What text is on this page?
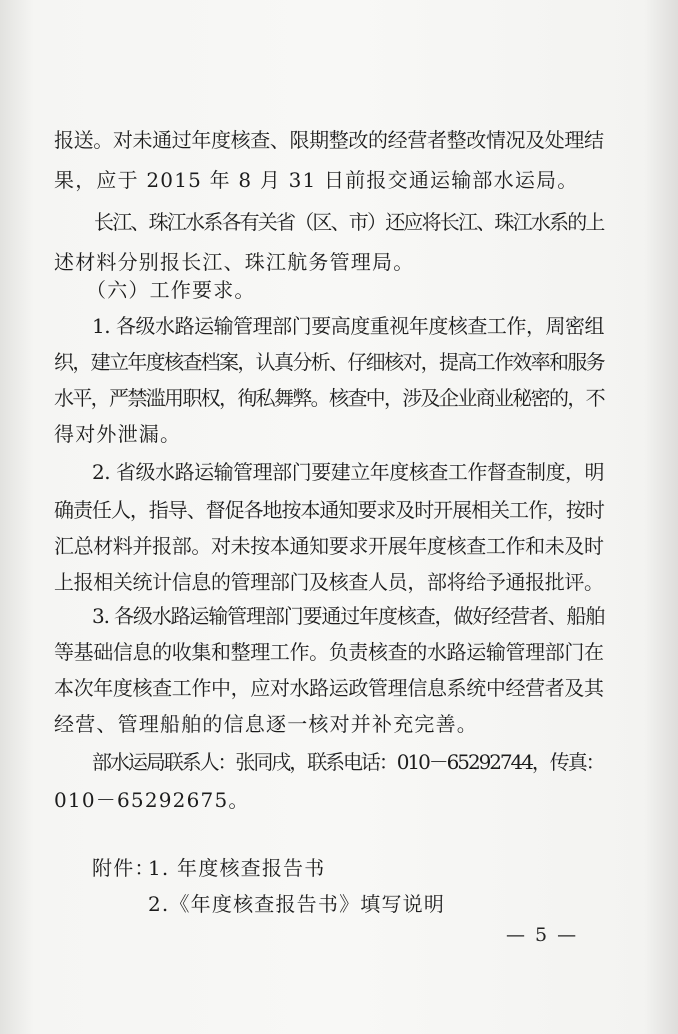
报送。对未通过年度核查、限期整改的经营者整改情况及处理结
果，应于 2015 年 8 月 31 日前报交通运输部水运局。
长江、珠江水系各有关省（区、市）还应将长江、珠江水系的上
述材料分别报长江、珠江航务管理局。
（六）工作要求。
1. 各级水路运输管理部门要高度重视年度核查工作，周密组
织，建立年度核查档案，认真分析、仔细核对，提高工作效率和服务
水平，严禁滥用职权，徇私舞弊。核查中，涉及企业商业秘密的，不
得对外泄漏。
2. 省级水路运输管理部门要建立年度核查工作督查制度，明
确责任人，指导、督促各地按本通知要求及时开展相关工作，按时
汇总材料并报部。对未按本通知要求开展年度核查工作和未及时
上报相关统计信息的管理部门及核查人员，部将给予通报批评。
3. 各级水路运输管理部门要通过年度核查，做好经营者、船舶
等基础信息的收集和整理工作。负责核查的水路运输管理部门在
本次年度核查工作中，应对水路运政管理信息系统中经营者及其
经营、管理船舶的信息逐一核对并补充完善。
部水运局联系人：张同戌，联系电话：010－65292744，传真：
010－65292675。
附件：
1. 年度核查报告书
2.《年度核查报告书》填写说明
— 5 —
